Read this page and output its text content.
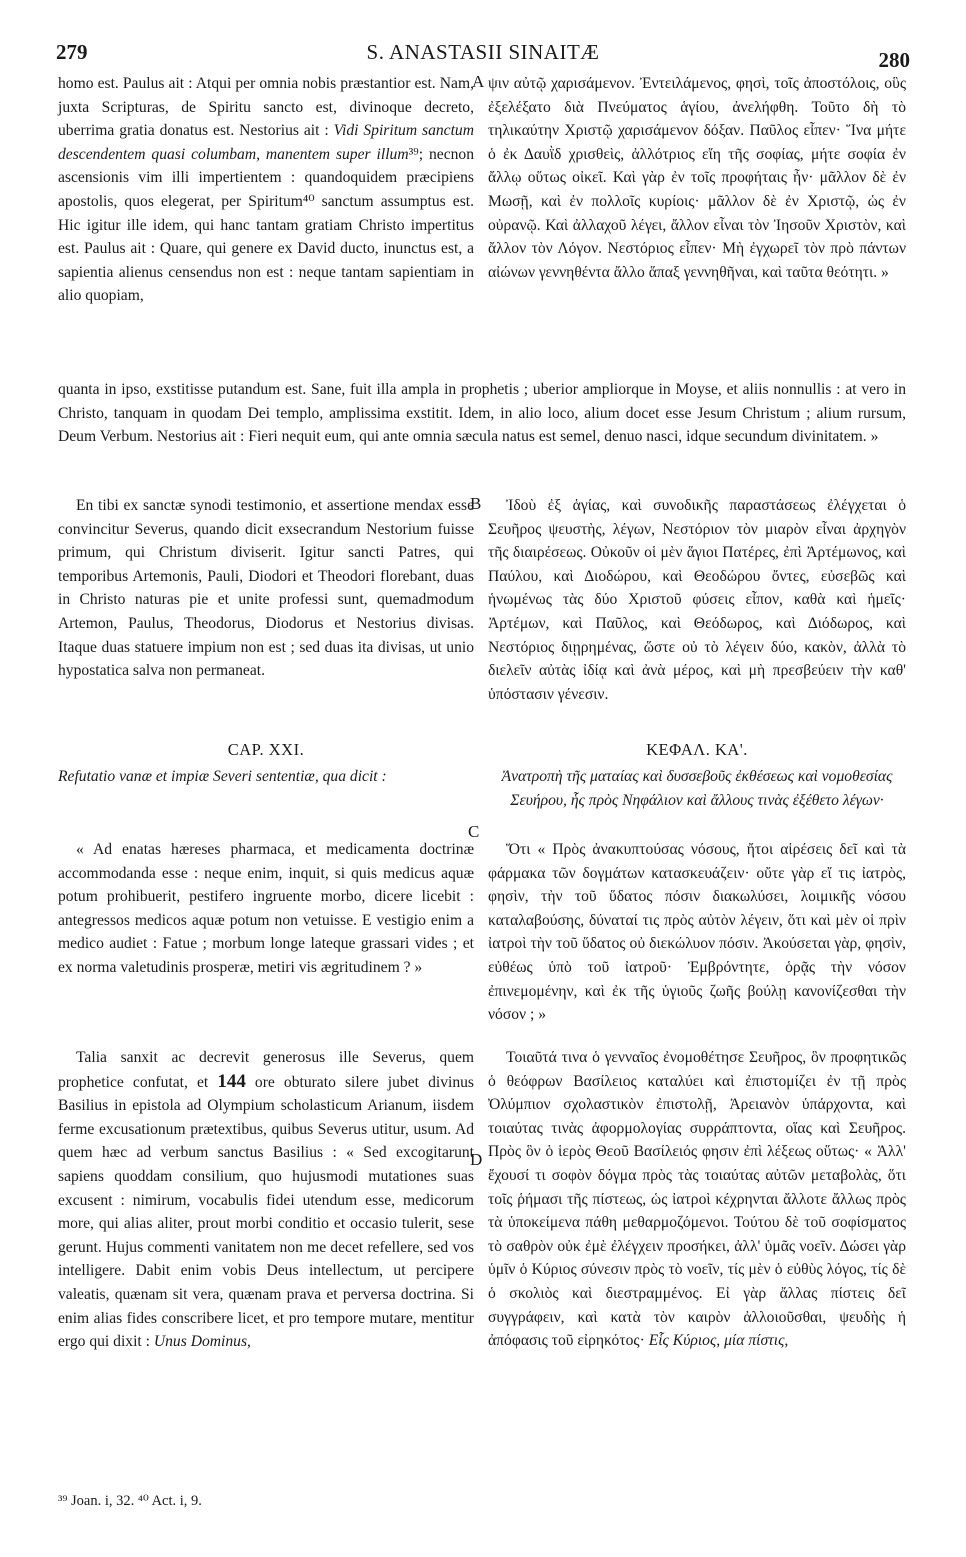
279	S. ANASTASII SINAITÆ	280
homo est. Paulus ait : Atqui per omnia nobis præstantior est. Nam, juxta Scripturas, de Spiritu sancto est, divinoque decreto, uberrima gratia donatus est. Nestorius ait : Vidi Spiritum sanctum descendentem quasi columbam, manentem super illum³⁹; necnon ascensionis vim illi impertientem : quandoquidem præcipiens apostolis, quos elegerat, per Spiritum⁴⁰ sanctum assumptus est. Hic igitur ille idem, qui hanc tantam gratiam Christo impertitus est. Paulus ait : Quare, qui genere ex David ducto, inunctus est, a sapientia alienus censendus non est : neque tantam sapientiam in alio quopiam,
ψιν αὐτῷ χαρισάμενον. Ἐντειλάμενος, φησὶ, τοῖς ἀποστόλοις, οὓς ἐξελέξατο διὰ Πνεύματος ἁγίου, ἀνελήφθη. Τοῦτο δὴ τὸ τηλικαύτην Χριστῷ χαρισάμενον δόξαν. Παῦλος εἶπεν· Ἵνα μήτε ὁ ἐκ Δαυῒδ χρισθεὶς, ἀλλότριος εἴη τῆς σοφίας, μήτε σοφία ἐν ἄλλῳ οὕτως οἰκεῖ. Καὶ γὰρ ἐν τοῖς προφήταις ἦν· μᾶλλον δὲ ἐν Μωσῇ, καὶ ἐν πολλοῖς κυρίοις· μᾶλλον δὲ ἐν Χριστῷ, ὡς ἐν οὐρανῷ. Καὶ ἀλλαχοῦ λέγει, ἄλλον εἶναι τὸν Ἰησοῦν Χριστὸν, καὶ ἄλλον τὸν Λόγον. Νεστόριος εἶπεν· Μὴ ἐγχωρεῖ τὸν πρὸ πάντων αἰώνων γεννηθέντα ἄλλο ἅπαξ γεννηθῆναι, καὶ ταῦτα θεότητι. »
A
quanta in ipso, exstitisse putandum est. Sane, fuit illa ampla in prophetis ; uberior ampliorque in Moyse, et aliis nonnullis : at vero in Christo, tanquam in quodam Dei templo, amplissima exstitit. Idem, in alio loco, alium docet esse Jesum Christum ; alium rursum, Deum Verbum. Nestorius ait : Fieri nequit eum, qui ante omnia sæcula natus est semel, denuo nasci, idque secundum divinitatem. »
En tibi ex sanctæ synodi testimonio, et assertione mendax esse convincitur Severus, quando dicit exsecrandum Nestorium fuisse primum, qui Christum diviserit. Igitur sancti Patres, qui temporibus Artemonis, Pauli, Diodori et Theodori florebant, duas in Christo naturas pie et unite professi sunt, quemadmodum Artemon, Paulus, Theodorus, Diodorus et Nestorius divisas. Itaque duas statuere impium non est ; sed duas ita divisas, ut unio hypostatica salva non permaneat.
Ἰδοὺ ἐξ ἁγίας, καὶ συνοδικῆς παραστάσεως ἐλέγχεται ὁ Σευῆρος ψευστὴς, λέγων, Νεστόριον τὸν μιαρὸν εἶναι ἀρχηγὸν τῆς διαιρέσεως. Οὐκοῦν οἱ μὲν ἅγιοι Πατέρες, ἐπὶ Ἀρτέμωνος, καὶ Παύλου, καὶ Διοδώρου, καὶ Θεοδώρου ὄντες, εὐσεβῶς καὶ ἡνωμένως τὰς δύο Χριστοῦ φύσεις εἶπον, καθὰ καὶ ἡμεῖς· Ἀρτέμων, καὶ Παῦλος, καὶ Θεόδωρος, καὶ Διόδωρος, καὶ Νεστόριος διῃρημένας, ὥστε οὐ τὸ λέγειν δύο, κακὸν, ἀλλὰ τὸ διελεῖν αὐτὰς ἰδίᾳ καὶ ἀνὰ μέρος, καὶ μὴ πρεσβεύειν τὴν καθ' ὑπόστασιν γένεσιν.
B
CAP. XXI.	ΚΕΦΑΛ. ΚΑ'.
Refutatio vanæ et impiæ Severi sententiæ, qua dicit :	Ἀνατροπὴ τῆς ματαίας καὶ δυσσεβοῦς ἐκθέσεως καὶ νομοθεσίας Σευήρου, ἧς πρὸς Νηφάλιον καὶ ἄλλους τινὰς ἐξέθετο λέγων·
« Ad enatas hæreses pharmaca, et medicamenta doctrinæ accommodanda esse : neque enim, inquit, si quis medicus aquæ potum prohibuerit, pestifero ingruente morbo, dicere licebit : antegressos medicos aquæ potum non vetuisse. E vestigio enim a medico audiet : Fatue ; morbum longe lateque grassari vides ; et ex norma valetudinis prosperæ, metiri vis ægritudinem ? »
Ὅτι « Πρὸς ἀνακυπτούσας νόσους, ἤτοι αἱρέσεις δεῖ καὶ τὰ φάρμακα τῶν δογμάτων κατασκευάζειν· οὔτε γὰρ εἴ τις ἰατρὸς, φησὶν, τὴν τοῦ ὕδατος πόσιν διακωλύσει, λοιμικῆς νόσου καταλαβούσης, δύναταί τις πρὸς αὐτὸν λέγειν, ὅτι καὶ μὲν οἱ πρὶν ἰατροὶ τὴν τοῦ ὕδατος οὐ διεκώλυον πόσιν. Ἀκούσεται γὰρ, φησὶν, εὐθέως ὑπὸ τοῦ ἰατροῦ· Ἐμβρόντητε, ὁρᾷς τὴν νόσον ἐπινεμομένην, καὶ ἐκ τῆς ὑγιοῦς ζωῆς βούλῃ κανονίζεσθαι τὴν νόσον ; »
C
Talia sanxit ac decrevit generosus ille Severus, quem prophetice confutat, et 144 ore obturato silere jubet divinus Basilius in epistola ad Olympium scholasticum Arianum, iisdem ferme excusationum prætextibus, quibus Severus utitur, usum. Ad quem hæc ad verbum sanctus Basilius : « Sed excogitarunt sapiens quoddam consilium, quo hujusmodi mutationes suas excusent : nimirum, vocabulis fidei utendum esse, medicorum more, qui alias aliter, prout morbi conditio et occasio tulerit, sese gerunt. Hujus commenti vanitatem non me decet refellere, sed vos intelligere. Dabit enim vobis Deus intellectum, ut percipere valeatis, quænam sit vera, quænam prava et perversa doctrina. Si enim alias fides conscribere licet, et pro tempore mutare, mentitur ergo qui dixit : Unus Dominus,
Τοιαῦτά τινα ὁ γενναῖος ἐνομοθέτησε Σευῆρος, ὃν προφητικῶς ὁ θεόφρων Βασίλειος καταλύει καὶ ἐπιστομίζει ἐν τῇ πρὸς Ὀλύμπιον σχολαστικὸν ἐπιστολῇ, Ἀρειανὸν ὑπάρχοντα, καὶ τοιαύτας τινὰς ἀφορμολογίας συρράπτοντα, οἵας καὶ Σευῆρος. Πρὸς ὃν ὁ ἱερὸς Θεοῦ Βασίλειός φησιν ἐπὶ λέξεως οὕτως· « Ἀλλ' ἔχουσί τι σοφὸν δόγμα πρὸς τὰς τοιαύτας αὐτῶν μεταβολὰς, ὅτι τοῖς ῥήμασι τῆς πίστεως, ὡς ἰατροὶ κέχρηνται ἄλλοτε ἄλλως πρὸς τὰ ὑποκείμενα πάθη μεθαρμοζόμενοι. Τούτου δὲ τοῦ σοφίσματος τὸ σαθρὸν οὐκ ἐμὲ ἐλέγχειν προσήκει, ἀλλ' ὑμᾶς νοεῖν. Δώσει γὰρ ὑμῖν ὁ Κύριος σύνεσιν πρὸς τὸ νοεῖν, τίς μὲν ὁ εὐθὺς λόγος, τίς δὲ ὁ σκολιὸς καὶ διεστραμμένος. Εἰ γὰρ ἄλλας πίστεις δεῖ συγγράφειν, καὶ κατὰ τὸν καιρὸν ἀλλοιοῦσθαι, ψευδὴς ἡ ἀπόφασις τοῦ εἰρηκότος· Εἷς Κύριος, μία πίστις,
D
³⁹ Joan. i, 32. ⁴⁰ Act. i, 9.
